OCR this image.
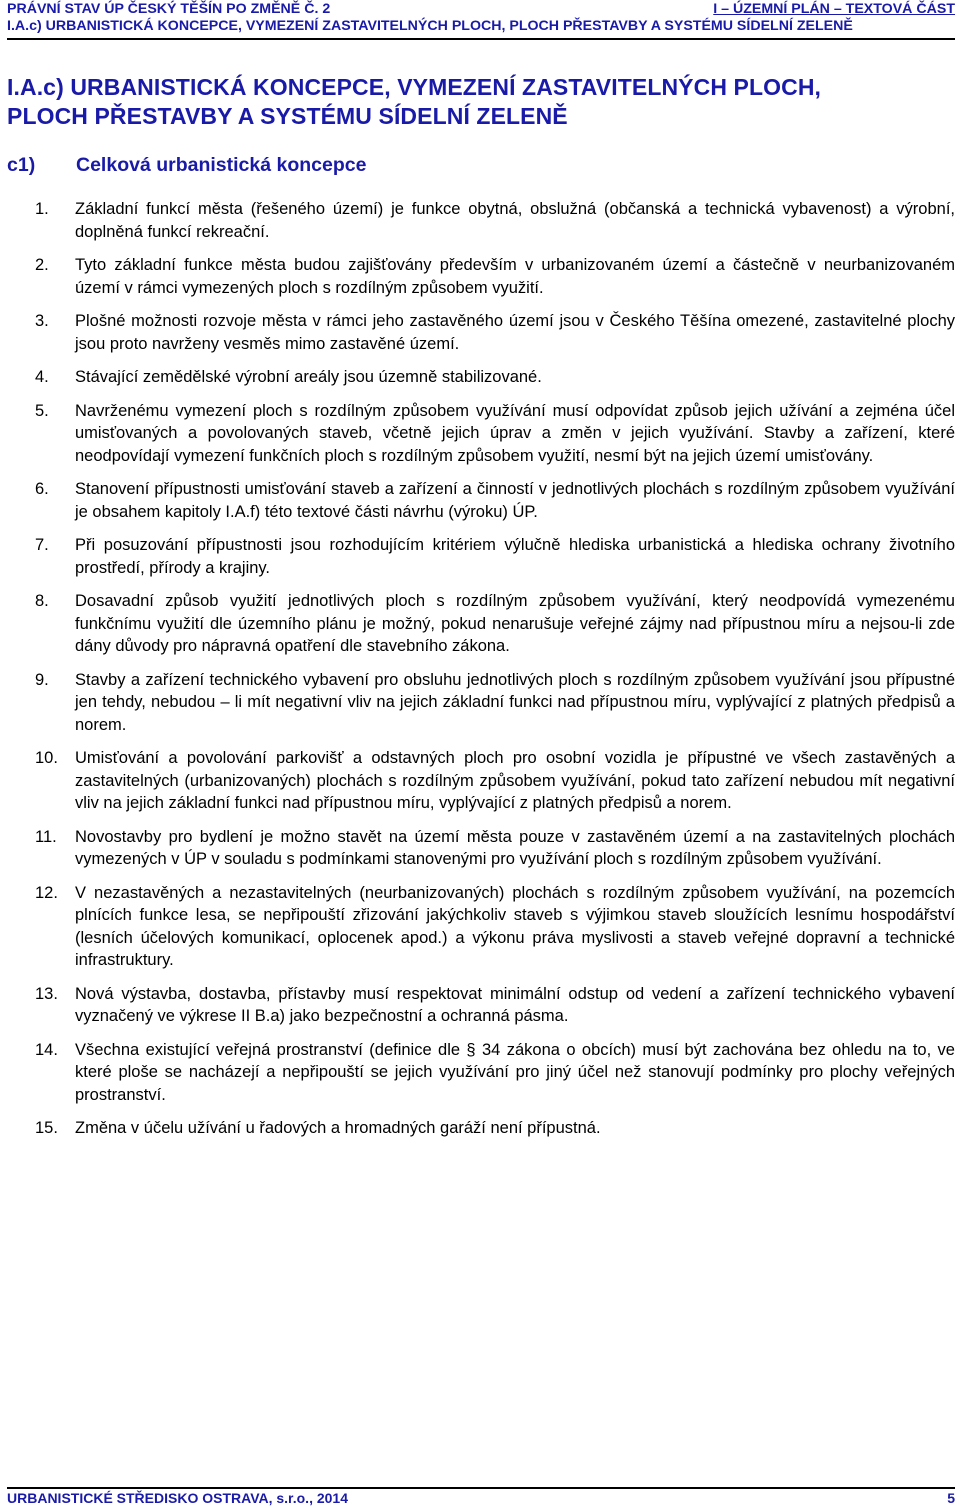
PRÁVNÍ STAV ÚP ČESKÝ TĚŠÍN PO ZMĚNĚ Č. 2	I – ÚZEMNÍ PLÁN – TEXTOVÁ ČÁST
I.A.c) URBANISTICKÁ KONCEPCE, VYMEZENÍ ZASTAVITELNÝCH PLOCH, PLOCH PŘESTAVBY A SYSTÉMU SÍDELNÍ ZELENĚ
I.A.c) URBANISTICKÁ KONCEPCE, VYMEZENÍ ZASTAVITELNÝCH PLOCH,
PLOCH PŘESTAVBY A SYSTÉMU SÍDELNÍ ZELENĚ
c1) Celková urbanistická koncepce
1.	Základní funkcí města (řešeného území) je funkce obytná, obslužná (občanská a technická vybavenost) a výrobní, doplněná funkcí rekreační.
2.	Tyto základní funkce města budou zajišťovány především v urbanizovaném území a částečně v neurbanizovaném území v rámci vymezených ploch s rozdílným způsobem využití.
3.	Plošné možnosti rozvoje města v rámci jeho zastavěného území jsou v Českého Těšína omezené, zastavitelné plochy jsou proto navrženy vesměs mimo zastavěné území.
4.	Stávající zemědělské výrobní areály jsou územně stabilizované.
5.	Navrženému vymezení ploch s rozdílným způsobem využívání musí odpovídat způsob jejich užívání a zejména účel umisťovaných a povolovaných staveb, včetně jejich úprav a změn v jejich využívání. Stavby a zařízení, které neodpovídají vymezení funkčních ploch s rozdílným způsobem využití, nesmí být na jejich území umisťovány.
6.	Stanovení přípustnosti umisťování staveb a zařízení a činností v jednotlivých plochách s rozdílným způsobem využívání je obsahem kapitoly I.A.f) této textové části návrhu (výroku) ÚP.
7.	Při posuzování přípustnosti jsou rozhodujícím kritériem výlučně hlediska urbanistická a hlediska ochrany životního prostředí, přírody a krajiny.
8.	Dosavadní způsob využití jednotlivých ploch s rozdílným způsobem využívání, který neodpovídá vymezenému funkčnímu využití dle územního plánu je možný, pokud nenarušuje veřejné zájmy nad přípustnou míru a nejsou-li zde dány důvody pro nápravná opatření dle stavebního zákona.
9.	Stavby a zařízení technického vybavení pro obsluhu jednotlivých ploch s rozdílným způsobem využívání jsou přípustné jen tehdy, nebudou – li mít negativní vliv na jejich základní funkci nad přípustnou míru, vyplývající z platných předpisů a norem.
10.	Umisťování a povolování parkovišť a odstavných ploch pro osobní vozidla je přípustné ve všech zastavěných a zastavitelných (urbanizovaných) plochách s rozdílným způsobem využívání, pokud tato zařízení nebudou mít negativní vliv na jejich základní funkci nad přípustnou míru, vyplývající z platných předpisů a norem.
11.	Novostavby pro bydlení je možno stavět na území města pouze v zastavěném území a na zastavitelných plochách vymezených v ÚP v souladu s podmínkami stanovenými pro využívání ploch s rozdílným způsobem využívání.
12.	V nezastavěných a nezastavitelných (neurbanizovaných) plochách s rozdílným způsobem využívání, na pozemcích plnících funkce lesa, se nepřipouští zřizování jakýchkoliv staveb s výjimkou staveb sloužících lesnímu hospodářství (lesních účelových komunikací, oplocenek apod.) a výkonu práva myslivosti a staveb veřejné dopravní a technické infrastruktury.
13.	Nová výstavba, dostavba, přístavby musí respektovat minimální odstup od vedení a zařízení technického vybavení vyznačený ve výkrese II B.a) jako bezpečnostní a ochranná pásma.
14.	Všechna existující veřejná prostranství (definice dle § 34 zákona o obcích) musí být zachována bez ohledu na to, ve které ploše se nacházejí a nepřipouští se jejich využívání pro jiný účel než stanovují podmínky pro plochy veřejných prostranství.
15.	Změna v účelu užívání u řadových a hromadných garáží není přípustná.
URBANISTICKÉ STŘEDISKO OSTRAVA, s.r.o., 2014	5
